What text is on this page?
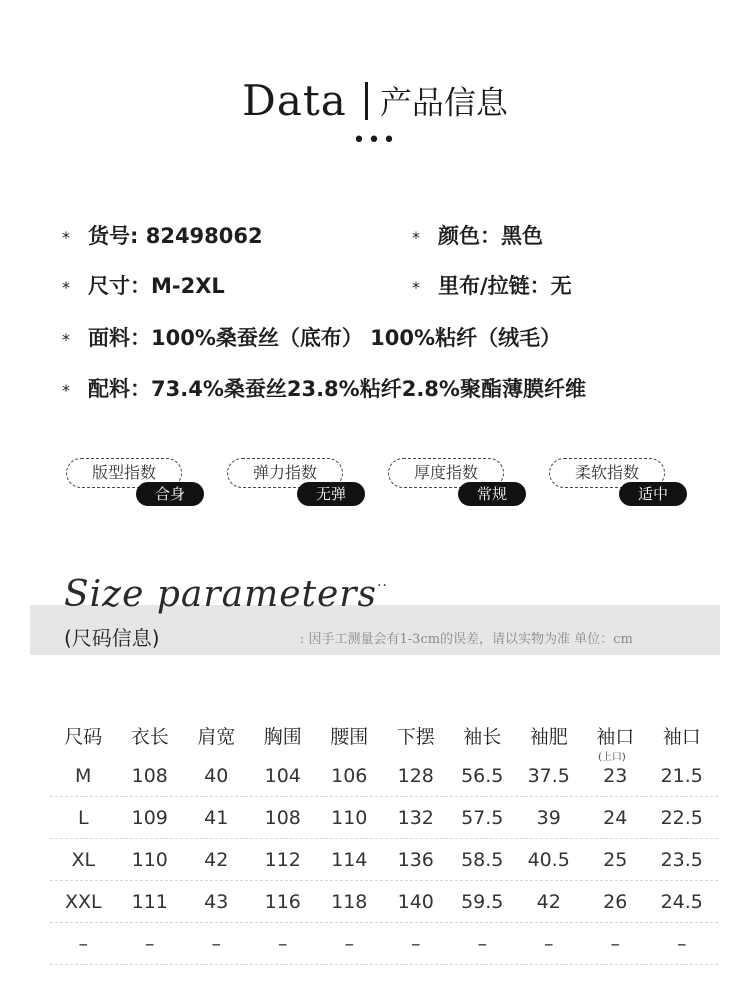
Data 产品信息
•••
* 货号: 82498062	* 颜色：黑色
* 尺寸：M-2XL	* 里布/拉链：无
* 面料：100%桑蚕丝（底布） 100%粘纤（绒毛）
* 配料：73.4%桑蚕丝23.8%粘纤2.8%聚酯薄膜纤维
版型指数
合身
弹力指数
无弹
厚度指数
常规
柔软指数
适中
Size parameters..
(尺码信息)	: 因手工测量会有1-3cm的误差，请以实物为准 单位：cm
尺码	衣长	肩宽	胸围	腰围	下摆	袖长	袖肥	袖口	袖口
M	108	40	104	106	128	56.5	37.5	23	21.5
L	109	41	108	110	132	57.5	39	24	22.5
XL	110	42	112	114	136	58.5	40.5	25	23.5
XXL	111	43	116	118	140	59.5	42	26	24.5
–	–	–	–	–	–	–	–	–	–
(上口)
